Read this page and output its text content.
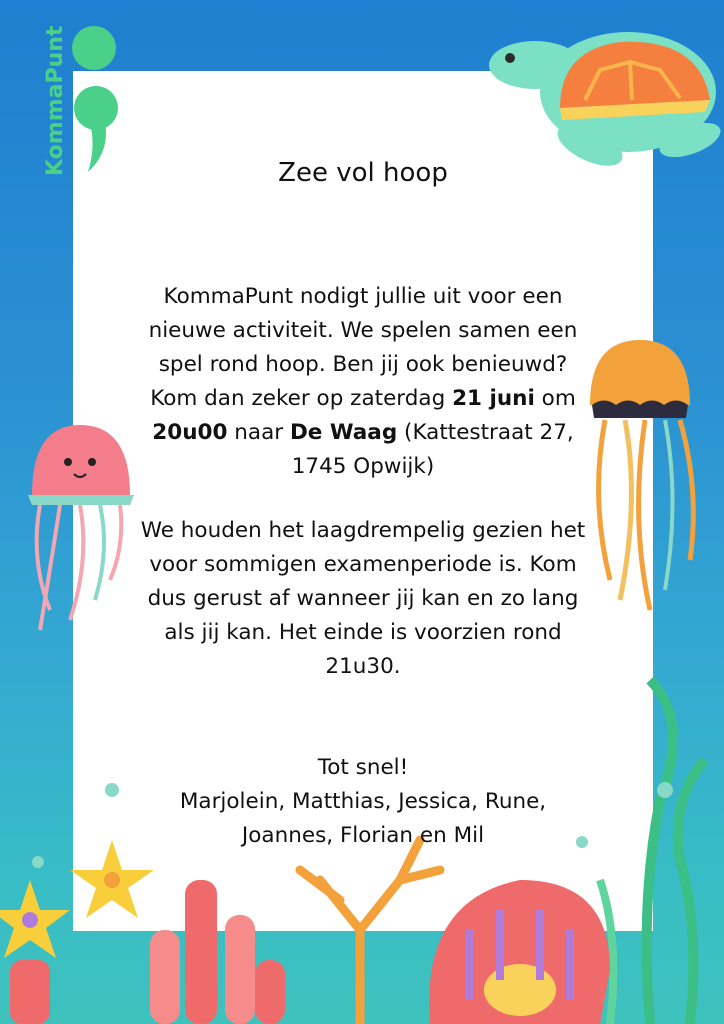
KommaPunt	Zee vol hoop
KommaPunt nodigt jullie uit voor een nieuwe activiteit. We spelen samen een spel rond hoop. Ben jij ook benieuwd? Kom dan zeker op zaterdag 21 juni om 20u00 naar De Waag (Kattestraat 27, 1745 Opwijk)
We houden het laagdrempelig gezien het voor sommigen examenperiode is. Kom dus gerust af wanneer jij kan en zo lang als jij kan. Het einde is voorzien rond 21u30.
Tot snel!
Marjolein, Matthias, Jessica, Rune, Joannes, Florian en Mil
